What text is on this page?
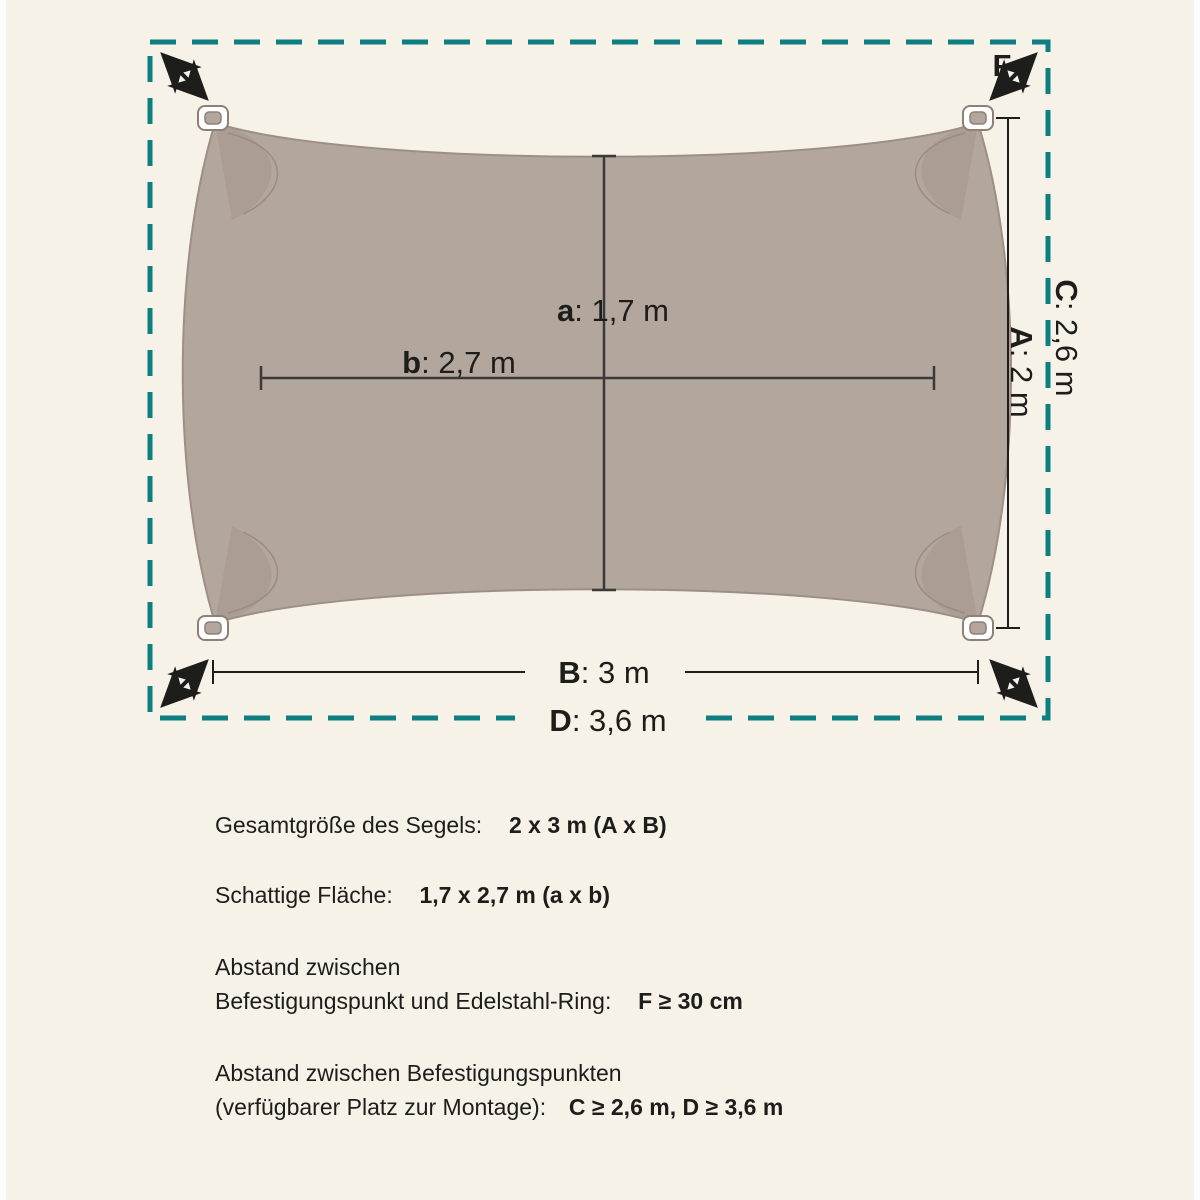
F
a: 1,7 m
b: 2,7 m
C: 2,6 m
A: 2 m
B: 3 m
D: 3,6 m
Gesamtgröße des Segels: 2 x 3 m (A x B)
Schattige Fläche: 1,7 x 2,7 m (a x b)
Abstand zwischen
Befestigungspunkt und Edelstahl-Ring: F ≥ 30 cm
Abstand zwischen Befestigungspunkten
(verfügbarer Platz zur Montage): C ≥ 2,6 m, D ≥ 3,6 m
